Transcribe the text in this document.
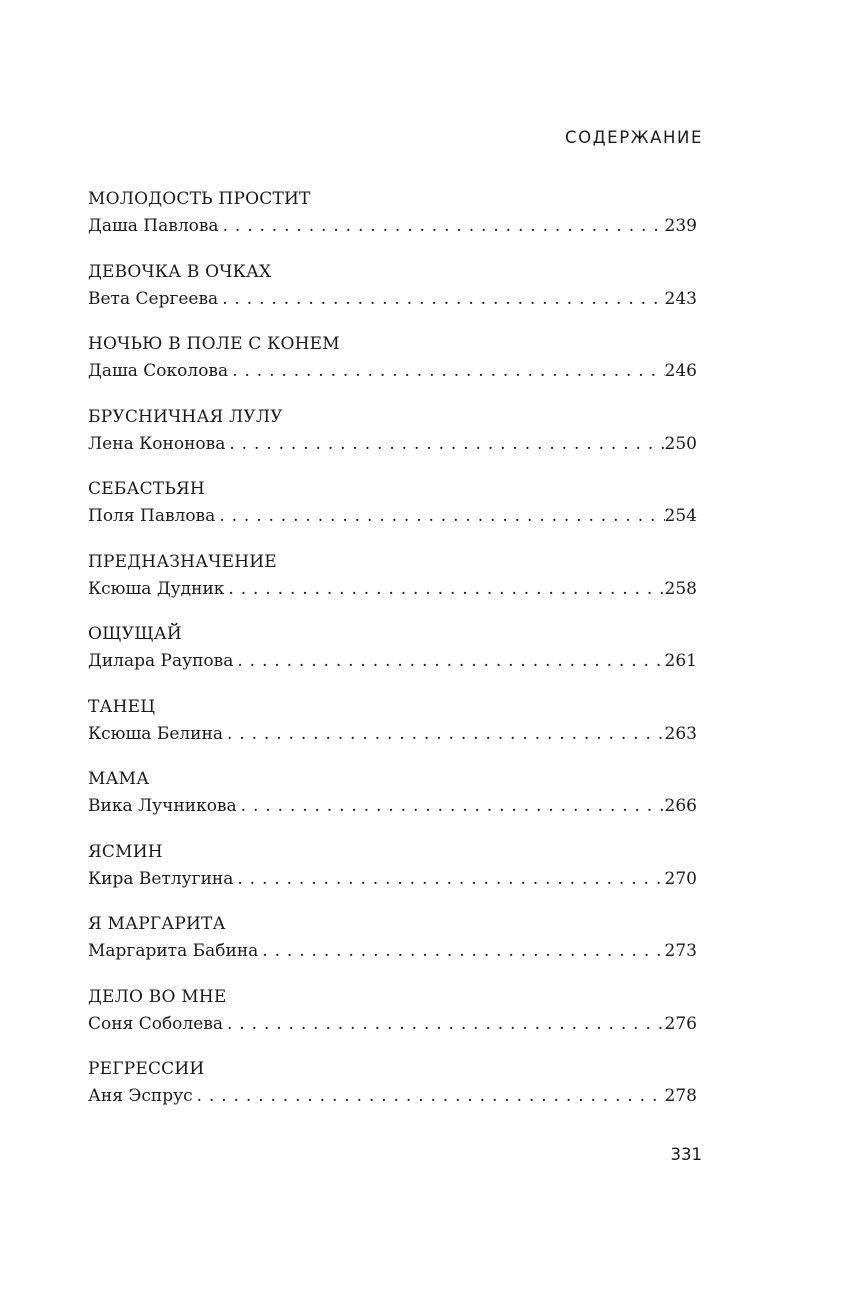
СОДЕРЖАНИЕ
МОЛОДОСТЬ ПРОСТИТ
Даша Павлова . . .	239
ДЕВОЧКА В ОЧКАХ
Вета Сергеева . . .	243
НОЧЬЮ В ПОЛЕ С КОНЕМ
Даша Соколова . . .	246
БРУСНИЧНАЯ ЛУЛУ
Лена Кононова . . .	250
СЕБАСТЬЯН
Поля Павлова . . .	254
ПРЕДНАЗНАЧЕНИЕ
Ксюша Дудник . . .	258
ОЩУЩАЙ
Дилара Раупова . . .	261
ТАНЕЦ
Ксюша Белина . . .	263
МАМА
Вика Лучникова . . .	266
ЯСМИН
Кира Ветлугина . . .	270
Я МАРГАРИТА
Маргарита Бабина . . .	273
ДЕЛО ВО МНЕ
Соня Соболева . . .	276
РЕГРЕССИИ
Аня Эспрус . . .	278
331
